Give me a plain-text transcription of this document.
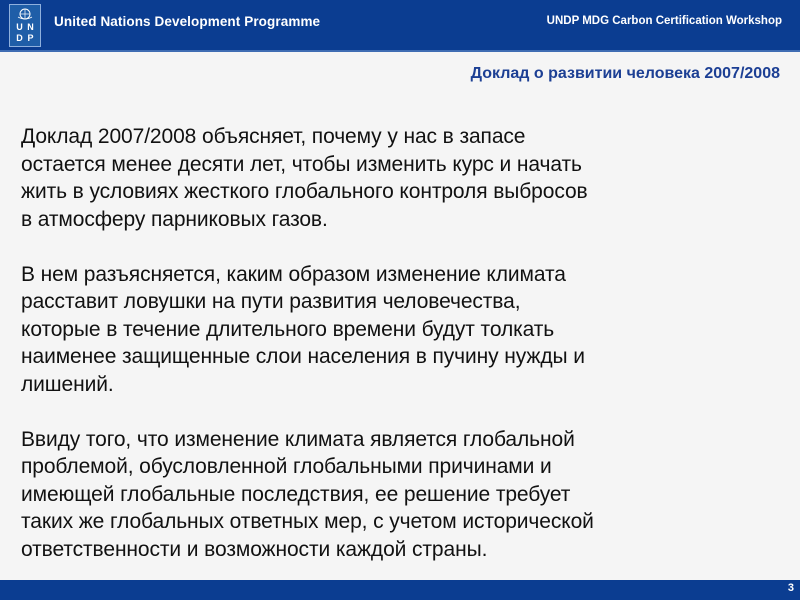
U N
D P
United Nations Development Programme	UNDP MDG Carbon Certification Workshop
Доклад о развитии человека 2007/2008

Доклад 2007/2008 объясняет, почему у нас в запасе
остается менее десяти лет, чтобы изменить курс и начать
жить в условиях жесткого глобального контроля выбросов
в атмосферу парниковых газов.

В нем разъясняется, каким образом изменение климата
расставит ловушки на пути развития человечества,
которые в течение длительного времени будут толкать
наименее защищенные слои населения в пучину нужды и
лишений.

Ввиду того, что изменение климата является глобальной
проблемой, обусловленной глобальными причинами и
имеющей глобальные последствия, ее решение требует
таких же глобальных ответных мер, с учетом исторической
ответственности и возможности каждой страны.

3
